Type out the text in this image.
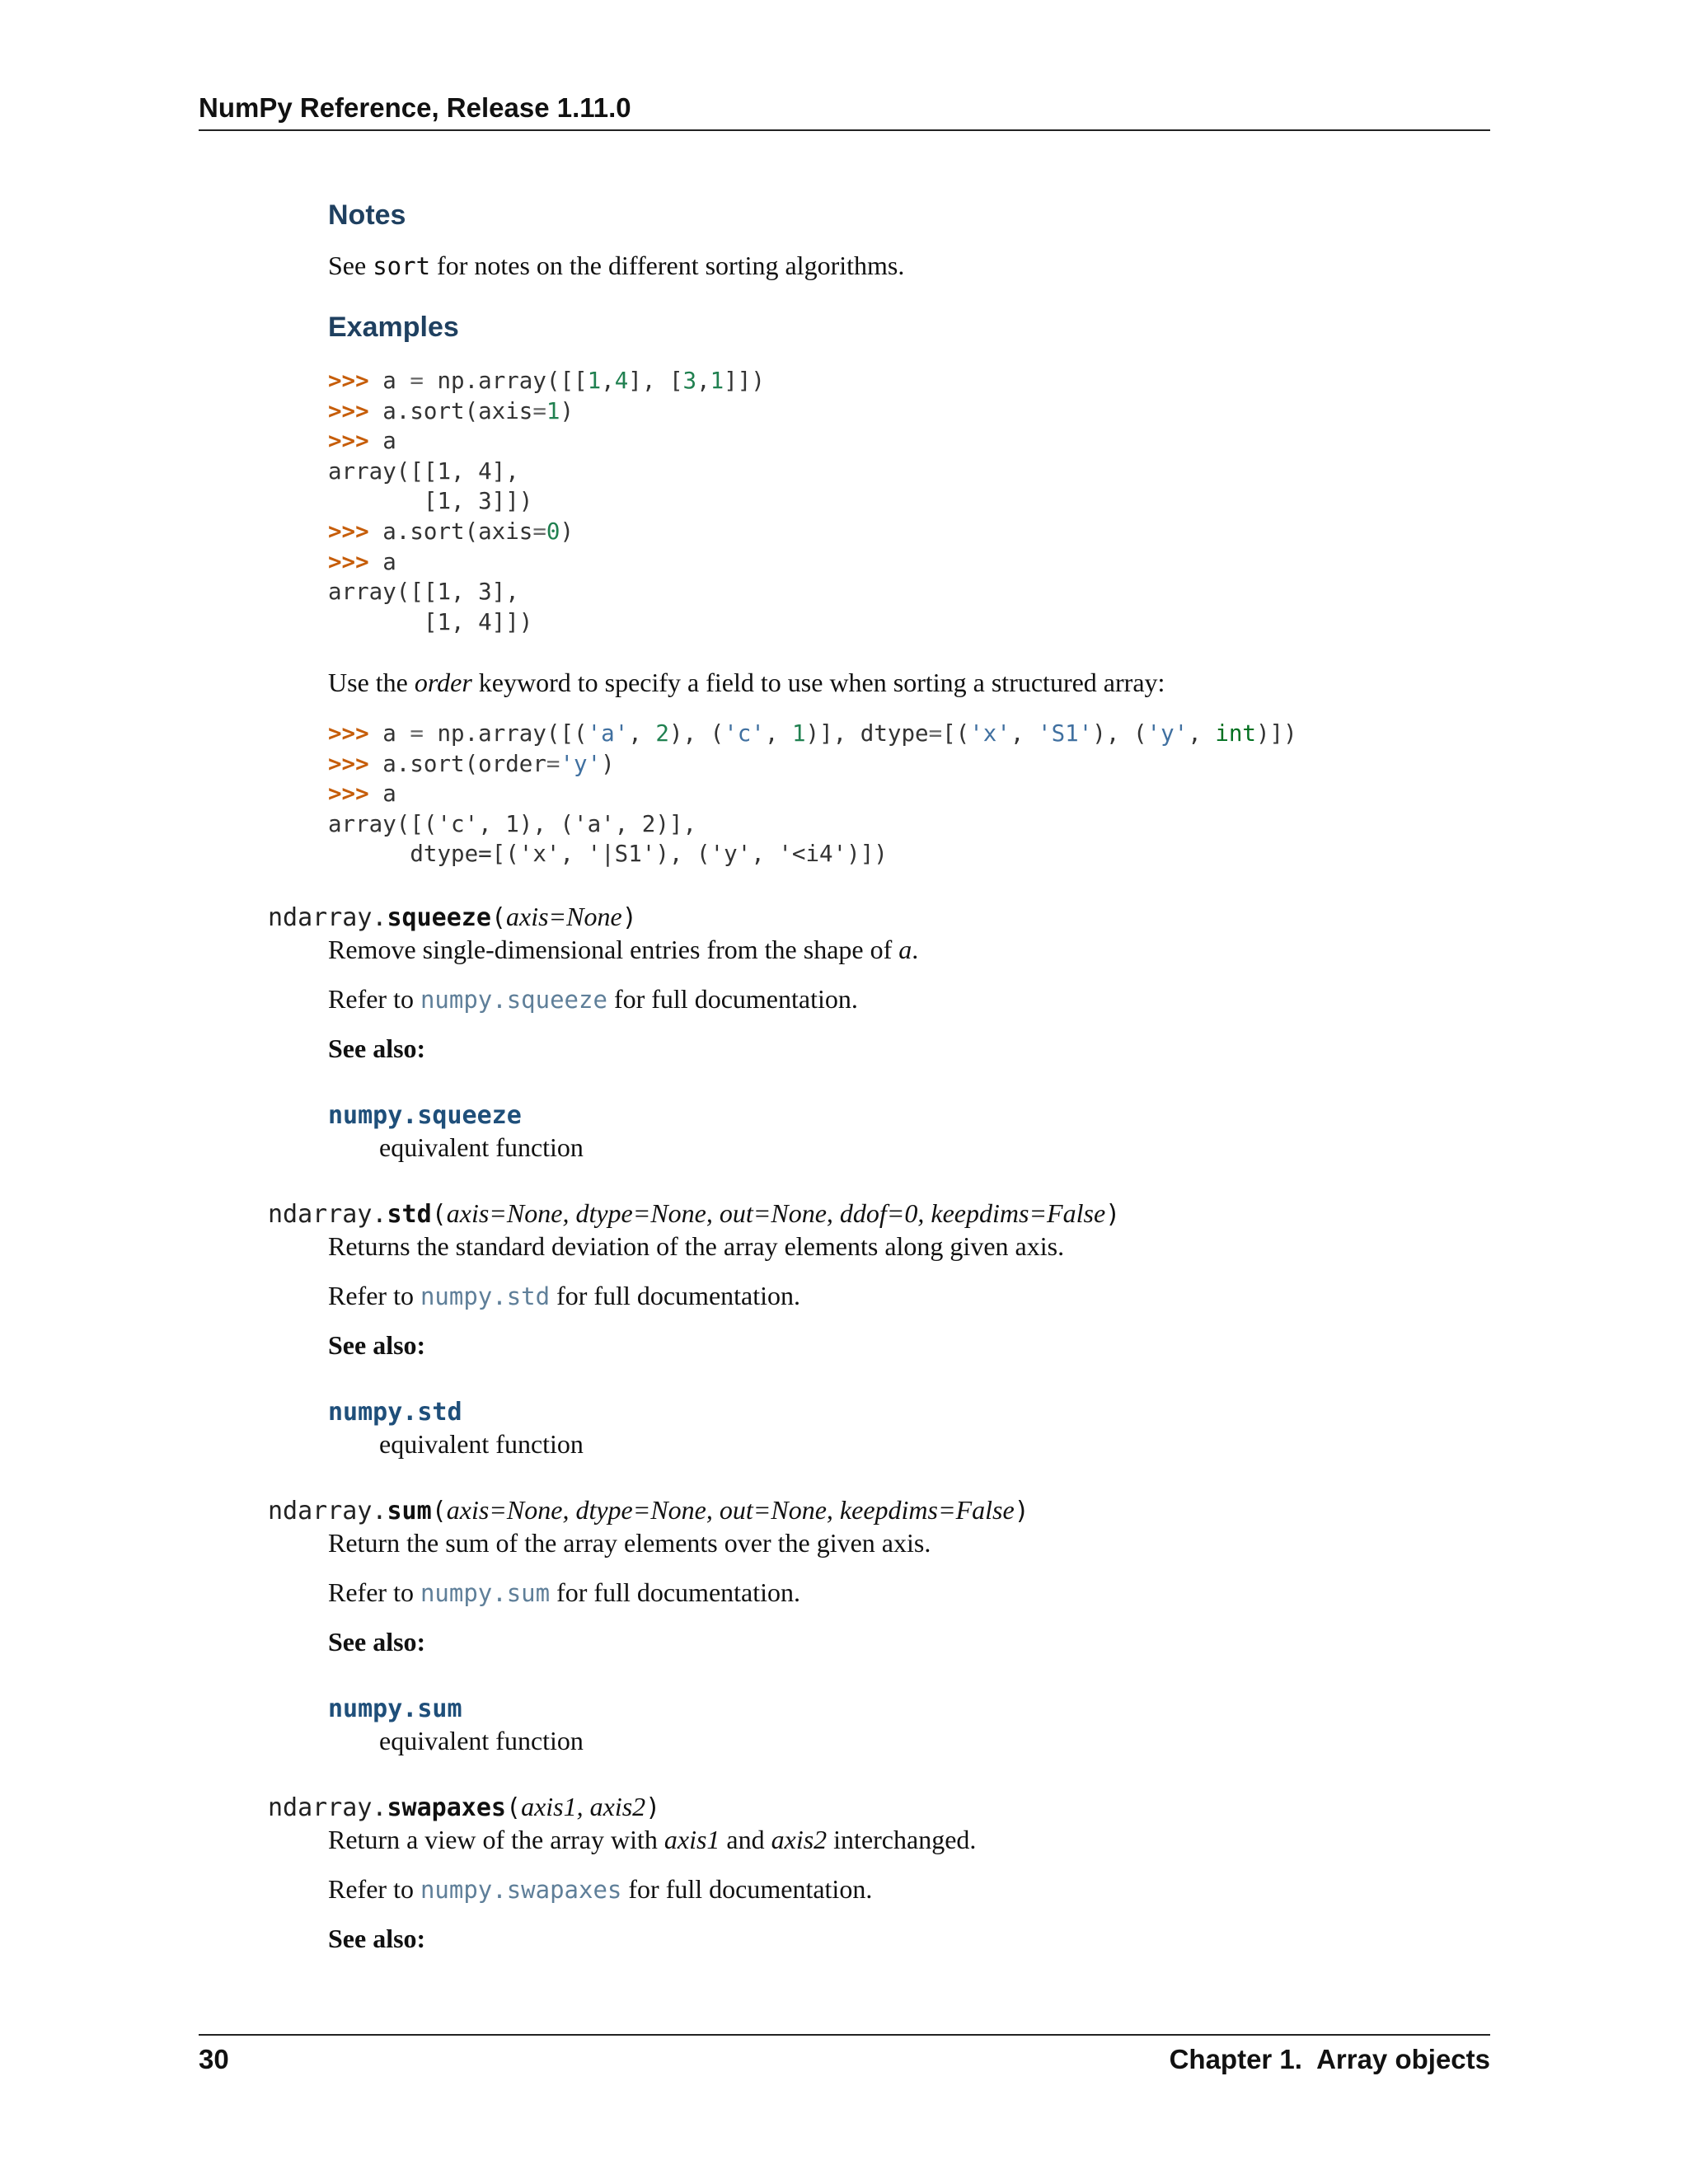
NumPy Reference, Release 1.11.0
Notes
See sort for notes on the different sorting algorithms.
Examples
>>> a = np.array([[1,4], [3,1]])
>>> a.sort(axis=1)
>>> a
array([[1, 4],
[1, 3]])
>>> a.sort(axis=0)
>>> a
array([[1, 3],
[1, 4]])
Use the order keyword to specify a field to use when sorting a structured array:
>>> a = np.array([('a', 2), ('c', 1)], dtype=[('x', 'S1'), ('y', int)])
>>> a.sort(order='y')
>>> a
array([('c', 1), ('a', 2)],
dtype=[('x', '|S1'), ('y', '<i4')])
ndarray.squeeze(axis=None)
Remove single-dimensional entries from the shape of a.
Refer to numpy.squeeze for full documentation.
See also:
numpy.squeeze
equivalent function
ndarray.std(axis=None, dtype=None, out=None, ddof=0, keepdims=False)
Returns the standard deviation of the array elements along given axis.
Refer to numpy.std for full documentation.
See also:
numpy.std
equivalent function
ndarray.sum(axis=None, dtype=None, out=None, keepdims=False)
Return the sum of the array elements over the given axis.
Refer to numpy.sum for full documentation.
See also:
numpy.sum
equivalent function
ndarray.swapaxes(axis1, axis2)
Return a view of the array with axis1 and axis2 interchanged.
Refer to numpy.swapaxes for full documentation.
See also:
30	Chapter 1.  Array objects
